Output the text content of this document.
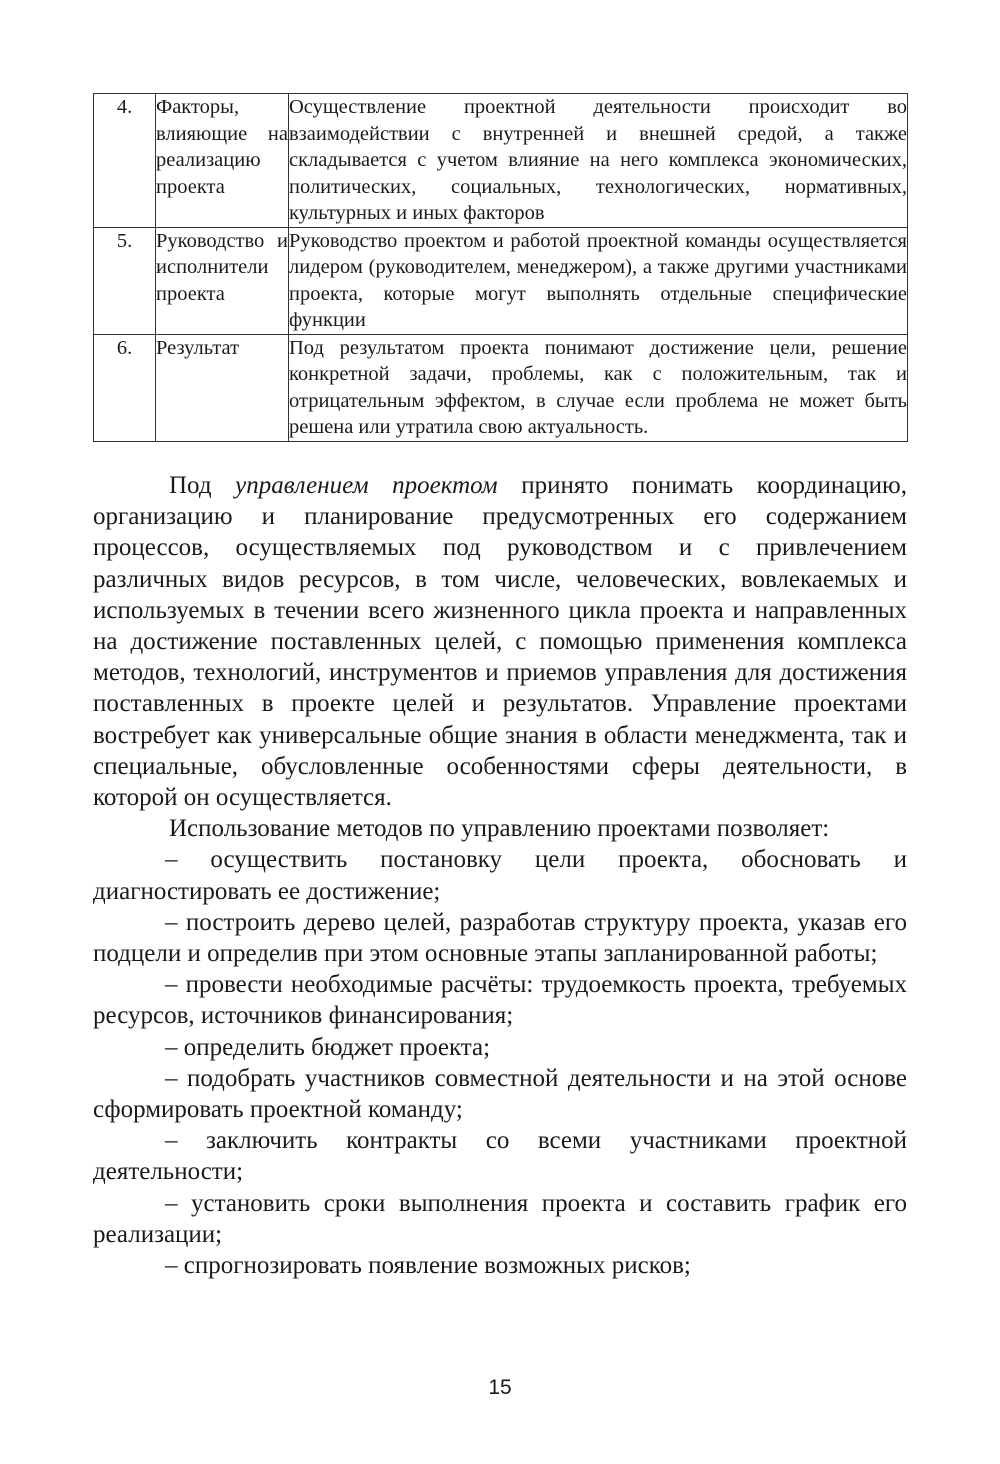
4.	Факторы, влияющие на реализацию проекта	Осуществление проектной деятельности происходит во взаимодействии с внутренней и внешней средой, а также складывается с учетом влияние на него комплекса экономических, политических, социальных, технологических, нормативных, культурных и иных факторов
5.	Руководство и исполнители проекта	Руководство проектом и работой проектной команды осуществляется лидером (руководителем, менеджером), а также другими участниками проекта, которые могут выполнять отдельные специфические функции
6.	Результат	Под результатом проекта понимают достижение цели, решение конкретной задачи, проблемы, как с положительным, так и отрицательным эффектом, в случае если проблема не может быть решена или утратила свою актуальность.

Под управлением проектом принято понимать координацию, организацию и планирование предусмотренных его содержанием процессов, осуществляемых под руководством и с привлечением различных видов ресурсов, в том числе, человеческих, вовлекаемых и используемых в течении всего жизненного цикла проекта и направленных на достижение поставленных целей, с помощью применения комплекса методов, технологий, инструментов и приемов управления для достижения поставленных в проекте целей и результатов. Управление проектами востребует как универсальные общие знания в области менеджмента, так и специальные, обусловленные особенностями сферы деятельности, в которой он осуществляется.

Использование методов по управлению проектами позволяет:

– осуществить постановку цели проекта, обосновать и диагностировать ее достижение;

– построить дерево целей, разработав структуру проекта, указав его подцели и определив при этом основные этапы запланированной работы;

– провести необходимые расчёты: трудоемкость проекта, требуемых ресурсов, источников финансирования;

– определить бюджет проекта;

– подобрать участников совместной деятельности и на этой основе сформировать проектной команду;

– заключить контракты со всеми участниками проектной деятельности;

– установить сроки выполнения проекта и составить график его реализации;

– спрогнозировать появление возможных рисков;

15
